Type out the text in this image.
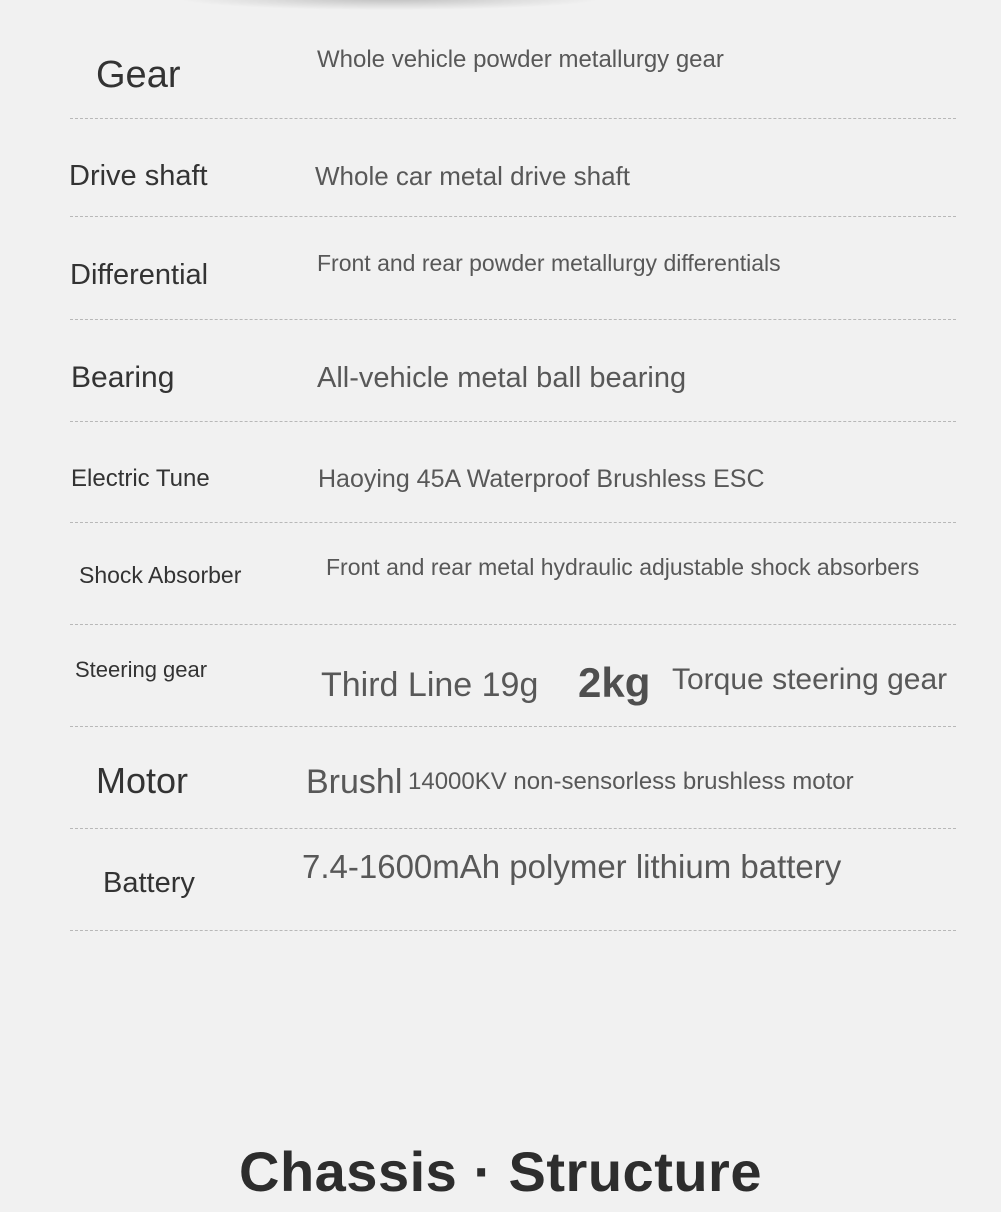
Gear	Whole vehicle powder metallurgy gear
Drive shaft	Whole car metal drive shaft
Differential	Front and rear powder metallurgy differentials
Bearing	All-vehicle metal ball bearing
Electric Tune	Haoying 45A Waterproof Brushless ESC
Shock Absorber	Front and rear metal hydraulic adjustable shock absorbers
Steering gear	Third Line 19g 2kg Torque steering gear
Motor	Brushl 14000KV non-sensorless brushless motor
Battery	7.4-1600mAh polymer lithium battery
Chassis · Structure
